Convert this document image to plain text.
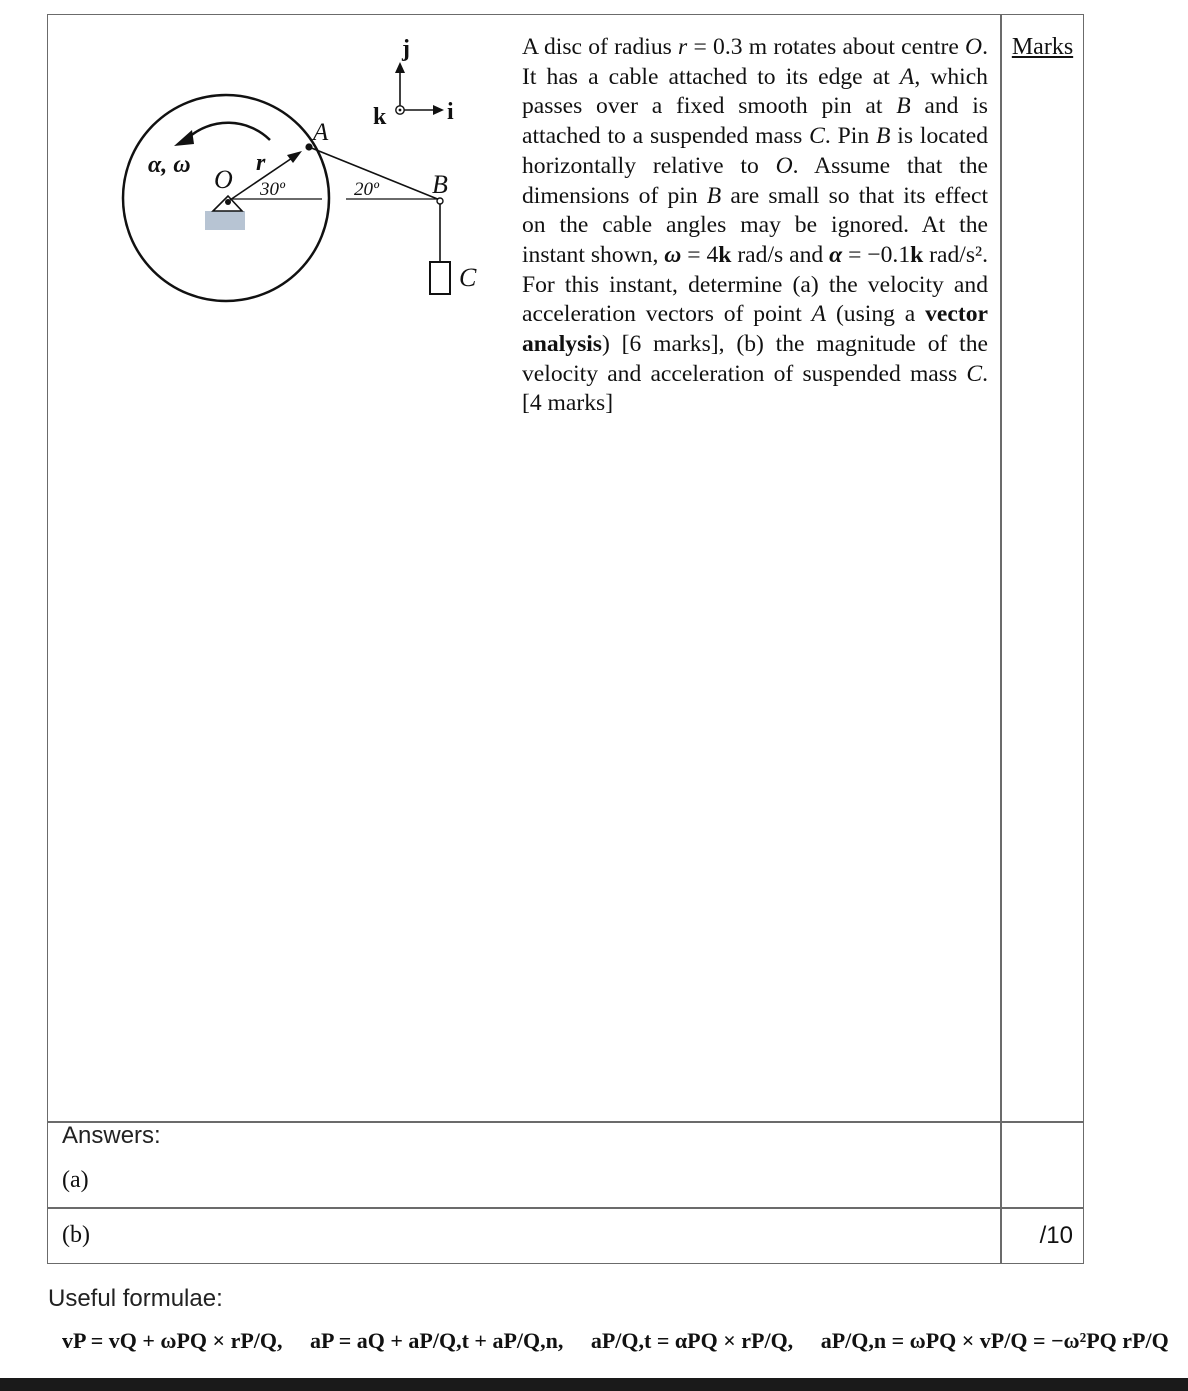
Marks
α, ω O
r
30º
A
20º B
C
j
k	i
A disc of radius r = 0.3 m rotates about centre O. It has a cable attached to its edge at A, which passes over a fixed smooth pin at B and is attached to a suspended mass C. Pin B is located horizontally relative to O. Assume that the dimensions of pin B are small so that its effect on the cable angles may be ignored. At the instant shown, ω = 4k rad/s and α = −0.1k rad/s². For this instant, determine (a) the velocity and acceleration vectors of point A (using a vector analysis) [6 marks], (b) the magnitude of the velocity and acceleration of suspended mass C. [4 marks]
Answers:
(a)
(b)	/10
Useful formulae:
vP = vQ + ωPQ × rP/Q, aP = aQ + aP/Q,t + aP/Q,n, aP/Q,t = αPQ × rP/Q, aP/Q,n = ωPQ × vP/Q = −ω²PQ rP/Q
